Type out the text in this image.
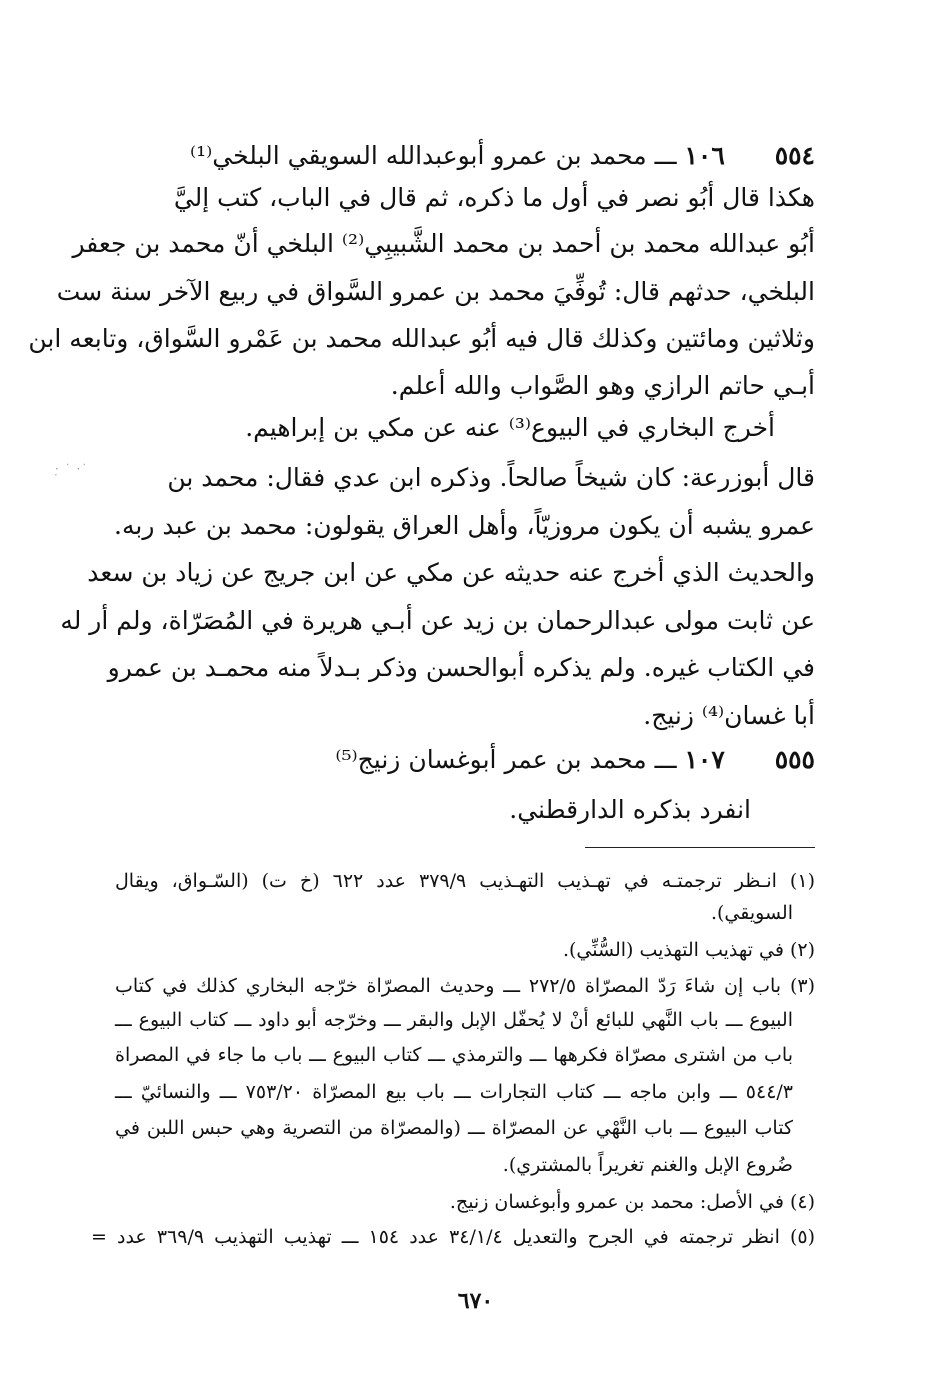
٥٥٤  ١٠٦ ـــ محمد بن عمرو أبوعبدالله السويقي البلخي⁽¹⁾
هكذا قال أبُو نصر في أول ما ذكره، ثم قال في الباب، كتب إليَّ
أبُو عبدالله محمد بن أحمد بن محمد الشَّبيبِي⁽²⁾ البلخي أنّ محمد بن جعفر
البلخي، حدثهم قال: تُوفِّيَ محمد بن عمرو السَّواق في ربيع الآخر سنة ست
وثلاثين ومائتين وكذلك قال فيه أبُو عبدالله محمد بن عَمْرو السَّواق، وتابعه ابن
أبـي حاتم الرازي وهو الصَّواب والله أعلم.
أخرج البخاري في البيوع⁽³⁾ عنه عن مكي بن إبراهيم.
قال أبوزرعة: كان شيخاً صالحاً. وذكره ابن عدي فقال: محمد بن
عمرو يشبه أن يكون مروزيّاً، وأهل العراق يقولون: محمد بن عبد ربه.
والحديث الذي أخرج عنه حديثه عن مكي عن ابن جريج عن زياد بن سعد
عن ثابت مولى عبدالرحمان بن زيد عن أبـي هريرة في المُصَرّاة، ولم أر له
في الكتاب غيره. ولم يذكره أبوالحسن وذكر بـدلاً منه محمـد بن عمرو
أبا غسان⁽⁴⁾ زنيج.
٥٥٥  ١٠٧ ـــ محمد بن عمر أبوغسان زنيج⁽⁵⁾
انفرد بذكره الدارقطني.
(١) انـظر ترجمتـه في تهـذيب التهـذيب ٣٧٩/٩ عدد ٦٢٢ (خ ت) (السّـواق، ويقال
السويقي).
(٢) في تهذيب التهذيب (السُّنِّي).
(٣) باب إن شاءَ رَدّ المصرّاة ٢٧٢/٥ ـــ وحديث المصرّاة خرّجه البخاري كذلك في كتاب
البيوع ـــ باب النَّهي للبائع أنْ لا يُحفّل الإبل والبقر ـــ وخرّجه أبو داود ـــ كتاب البيوع ـــ
باب من اشترى مصرّاة فكرهها ـــ والترمذي ـــ كتاب البيوع ـــ باب ما جاء في المصراة
٥٤٤/٣ ـــ وابن ماجه ـــ كتاب التجارات ـــ باب بيع المصرّاة ٧٥٣/٢٠ ـــ والنسائيّ ـــ
كتاب البيوع ـــ باب النَّهْي عن المصرّاة ـــ (والمصرّاة من التصرية وهي حبس اللبن في
ضُروع الإبل والغنم تغريراً بالمشتري).
(٤) في الأصل: محمد بن عمرو وأبوغسان زنيج.
(٥) انظر ترجمته في الجرح والتعديل ٣٤/١/٤ عدد ١٥٤ ـــ تهذيب التهذيب ٣٦٩/٩ عدد =
٦٧٠
·̣ ˙ ·˙
